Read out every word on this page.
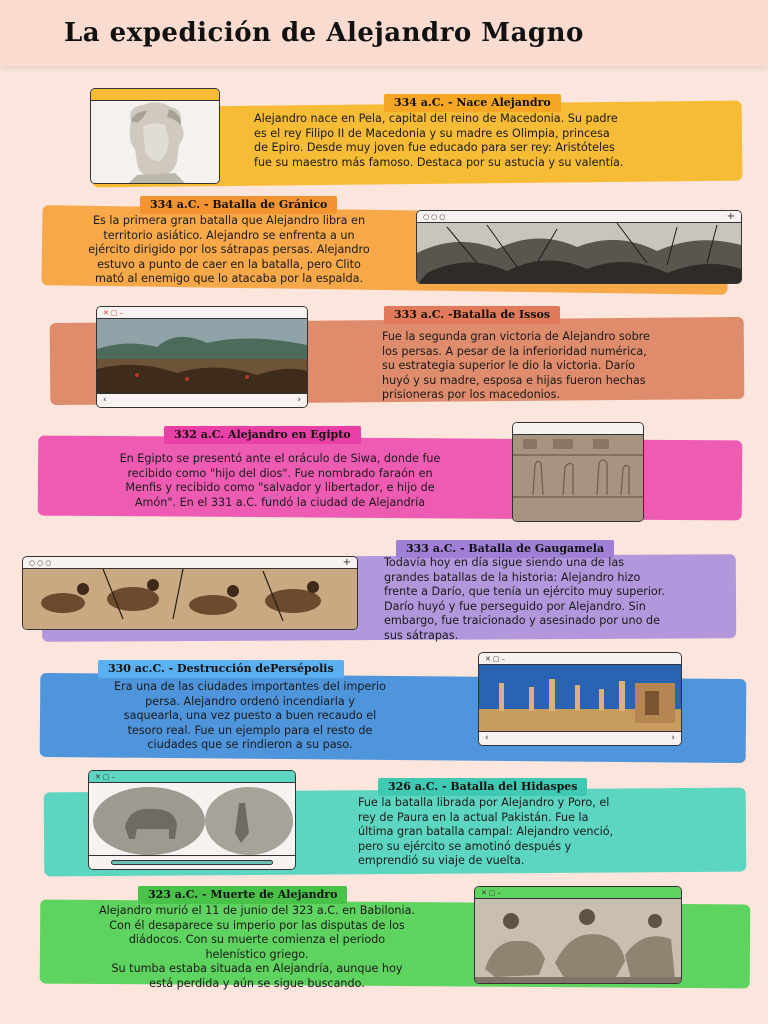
La expedición de Alejandro Magno
334 a.C. - Nace Alejandro
Alejandro nace en Pela, capital del reino de Macedonia. Su padre
es el rey Filipo II de Macedonia y su madre es Olimpia, princesa
de Epiro. Desde muy joven fue educado para ser rey: Aristóteles
fue su maestro más famoso. Destaca por su astucia y su valentía.
334 a.C. - Batalla de Gránico
Es la primera gran batalla que Alejandro libra en
territorio asiático. Alejandro se enfrenta a un
ejército dirigido por los sátrapas persas. Alejandro
estuvo a punto de caer en la batalla, pero Clito
mató al enemigo que lo atacaba por la espalda.
○○○	+
✕▢–
‹	›
333 a.C. -Batalla de Issos
Fue la segunda gran victoria de Alejandro sobre
los persas. A pesar de la inferioridad numérica,
su estrategia superior le dio la victoria. Darío
huyó y su madre, esposa e hijas fueron hechas
prisioneras por los macedonios.
332 a.C. Alejandro en Egipto
En Egipto se presentó ante el oráculo de Siwa, donde fue
recibido como "hijo del dios". Fue nombrado faraón en
Menfis y recibido como "salvador y libertador, e hijo de
Amón". En el 331 a.C. fundó la ciudad de Alejandría
○○○	+
333 a.C. - Batalla de Gaugamela
Todavía hoy en día sigue siendo una de las
grandes batallas de la historia: Alejandro hizo
frente a Darío, que tenía un ejército muy superior.
Darío huyó y fue perseguido por Alejandro. Sin
embargo, fue traicionado y asesinado por uno de
sus sátrapas.
330 ac.C. - Destrucción dePersépolis
Era una de las ciudades importantes del imperio
persa. Alejandro ordenó incendiarla y
saquearla, una vez puesto a buen recaudo el
tesoro real. Fue un ejemplo para el resto de
ciudades que se rindieron a su paso.
✕▢–
‹	›
✕▢–
326 a.C. - Batalla del Hidaspes
Fue la batalla librada por Alejandro y Poro, el
rey de Paura en la actual Pakistán. Fue la
última gran batalla campal: Alejandro venció,
pero su ejército se amotinó después y
emprendió su viaje de vuelta.
323 a.C. - Muerte de Alejandro
Alejandro murió el 11 de junio del 323 a.C. en Babilonia.
Con él desaparece su imperio por las disputas de los
diádocos. Con su muerte comienza el periodo
helenístico griego.
Su tumba estaba situada en Alejandría, aunque hoy
está perdida y aún se sigue buscando.
✕▢–
